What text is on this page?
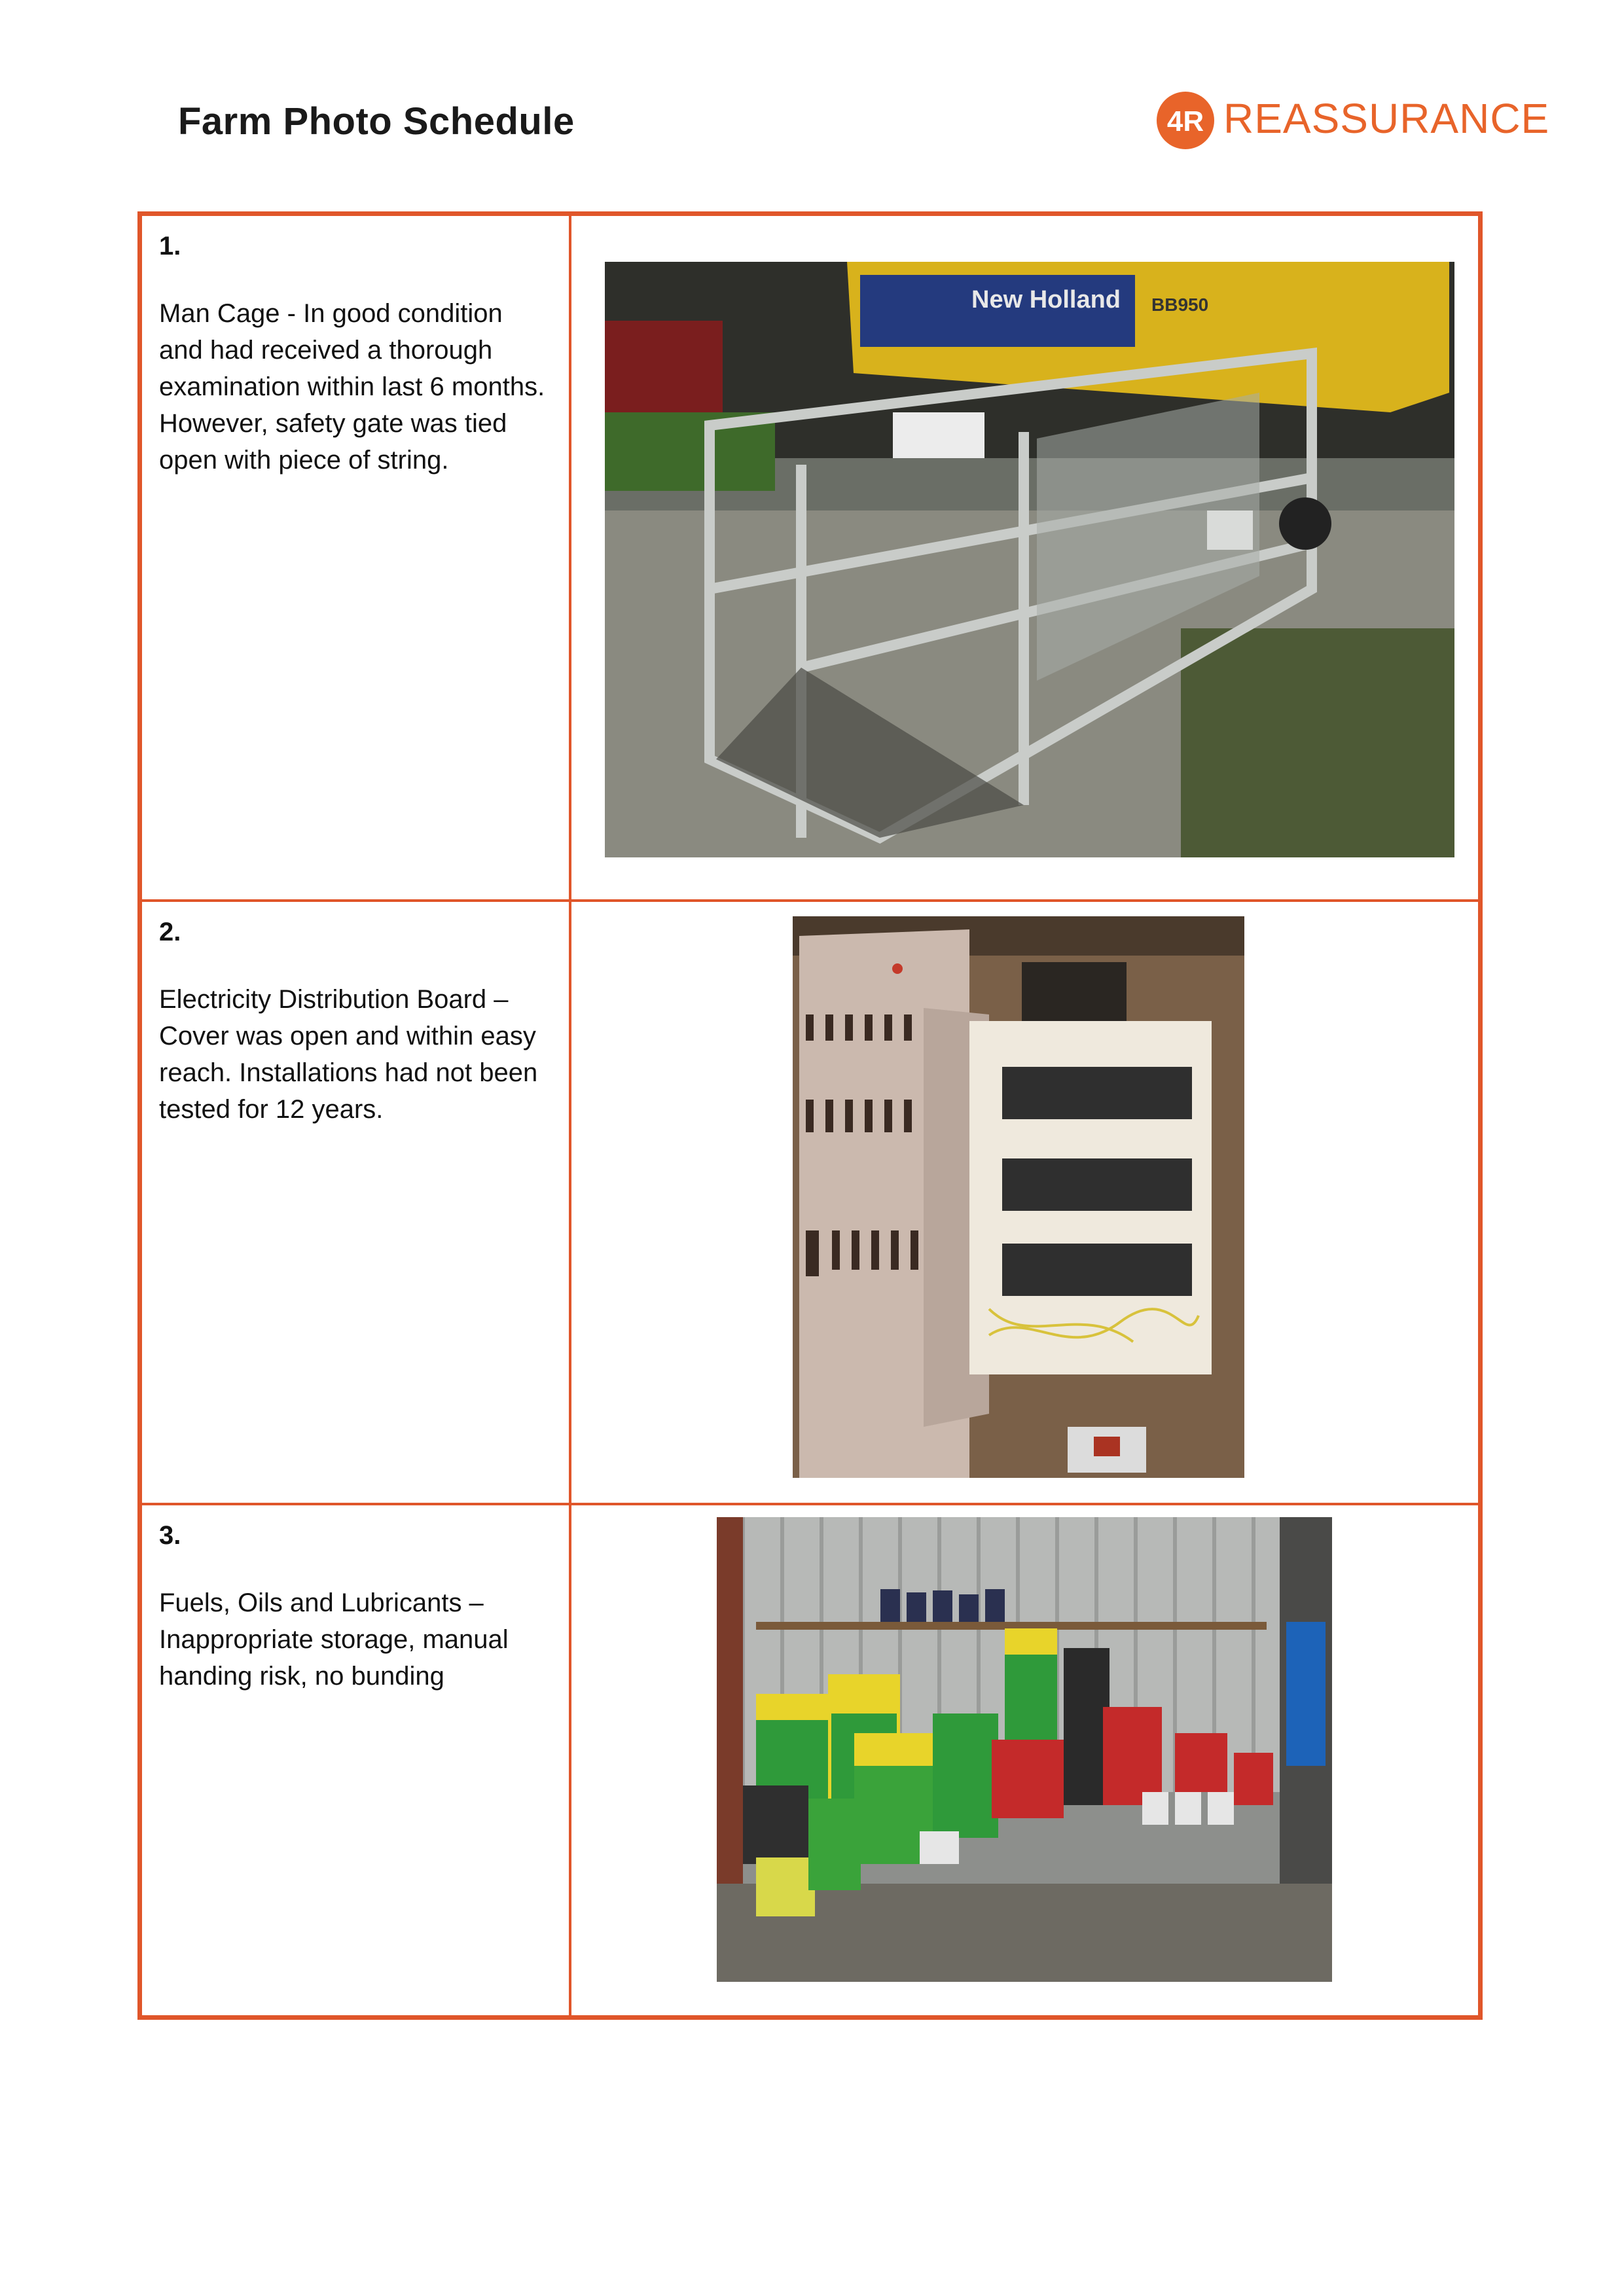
Farm Photo Schedule	4R REASSURANCE
1.
Man Cage - In good condition and had received a thorough examination within last 6 months. However, safety gate was tied open with piece of string.
New Holland BB950
2.
Electricity Distribution Board – Cover was open and within easy reach. Installations had not been tested for 12 years.
3.
Fuels, Oils and Lubricants – Inappropriate storage, manual handing risk, no bunding
